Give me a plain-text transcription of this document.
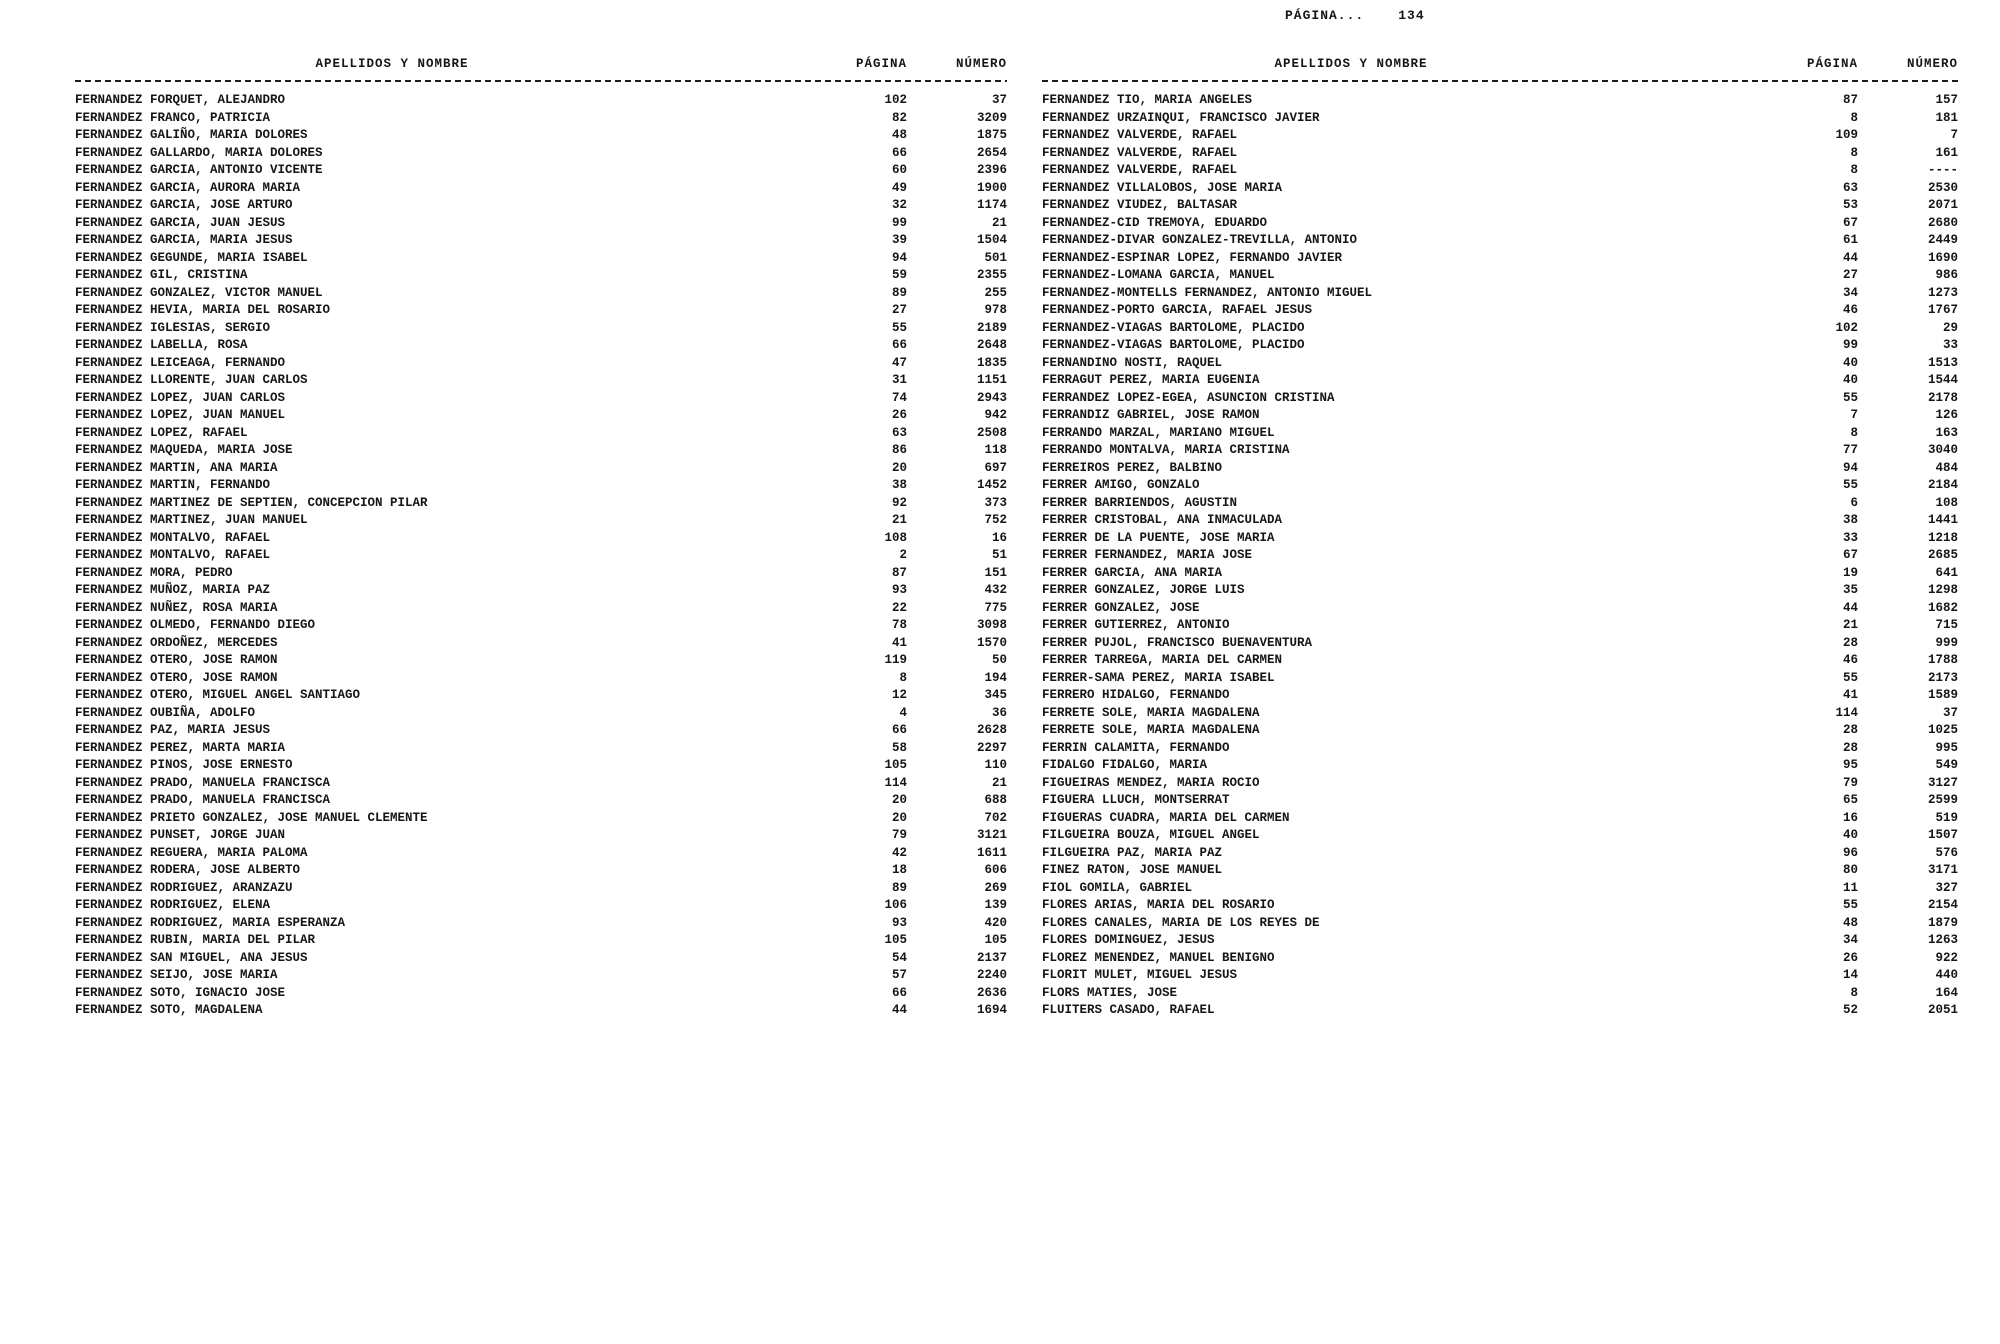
PÁGINA...	134
APELLIDOS Y NOMBRE	PÁGINA	NÚMERO
FERNANDEZ FORQUET, ALEJANDRO	102	37
FERNANDEZ FRANCO, PATRICIA	82	3209
FERNANDEZ GALIÑO, MARIA DOLORES	48	1875
FERNANDEZ GALLARDO, MARIA DOLORES	66	2654
FERNANDEZ GARCIA, ANTONIO VICENTE	60	2396
FERNANDEZ GARCIA, AURORA MARIA	49	1900
FERNANDEZ GARCIA, JOSE ARTURO	32	1174
FERNANDEZ GARCIA, JUAN JESUS	99	21
FERNANDEZ GARCIA, MARIA JESUS	39	1504
FERNANDEZ GEGUNDE, MARIA ISABEL	94	501
FERNANDEZ GIL, CRISTINA	59	2355
FERNANDEZ GONZALEZ, VICTOR MANUEL	89	255
FERNANDEZ HEVIA, MARIA DEL ROSARIO	27	978
FERNANDEZ IGLESIAS, SERGIO	55	2189
FERNANDEZ LABELLA, ROSA	66	2648
FERNANDEZ LEICEAGA, FERNANDO	47	1835
FERNANDEZ LLORENTE, JUAN CARLOS	31	1151
FERNANDEZ LOPEZ, JUAN CARLOS	74	2943
FERNANDEZ LOPEZ, JUAN MANUEL	26	942
FERNANDEZ LOPEZ, RAFAEL	63	2508
FERNANDEZ MAQUEDA, MARIA JOSE	86	118
FERNANDEZ MARTIN, ANA MARIA	20	697
FERNANDEZ MARTIN, FERNANDO	38	1452
FERNANDEZ MARTINEZ DE SEPTIEN, CONCEPCION PILAR	92	373
FERNANDEZ MARTINEZ, JUAN MANUEL	21	752
FERNANDEZ MONTALVO, RAFAEL	108	16
FERNANDEZ MONTALVO, RAFAEL	2	51
FERNANDEZ MORA, PEDRO	87	151
FERNANDEZ MUÑOZ, MARIA PAZ	93	432
FERNANDEZ NUÑEZ, ROSA MARIA	22	775
FERNANDEZ OLMEDO, FERNANDO DIEGO	78	3098
FERNANDEZ ORDOÑEZ, MERCEDES	41	1570
FERNANDEZ OTERO, JOSE RAMON	119	50
FERNANDEZ OTERO, JOSE RAMON	8	194
FERNANDEZ OTERO, MIGUEL ANGEL SANTIAGO	12	345
FERNANDEZ OUBIÑA, ADOLFO	4	36
FERNANDEZ PAZ, MARIA JESUS	66	2628
FERNANDEZ PEREZ, MARTA MARIA	58	2297
FERNANDEZ PINOS, JOSE ERNESTO	105	110
FERNANDEZ PRADO, MANUELA FRANCISCA	114	21
FERNANDEZ PRADO, MANUELA FRANCISCA	20	688
FERNANDEZ PRIETO GONZALEZ, JOSE MANUEL CLEMENTE	20	702
FERNANDEZ PUNSET, JORGE JUAN	79	3121
FERNANDEZ REGUERA, MARIA PALOMA	42	1611
FERNANDEZ RODERA, JOSE ALBERTO	18	606
FERNANDEZ RODRIGUEZ, ARANZAZU	89	269
FERNANDEZ RODRIGUEZ, ELENA	106	139
FERNANDEZ RODRIGUEZ, MARIA ESPERANZA	93	420
FERNANDEZ RUBIN, MARIA DEL PILAR	105	105
FERNANDEZ SAN MIGUEL, ANA JESUS	54	2137
FERNANDEZ SEIJO, JOSE MARIA	57	2240
FERNANDEZ SOTO, IGNACIO JOSE	66	2636
FERNANDEZ SOTO, MAGDALENA	44	1694
APELLIDOS Y NOMBRE	PÁGINA	NÚMERO
FERNANDEZ TIO, MARIA ANGELES	87	157
FERNANDEZ URZAINQUI, FRANCISCO JAVIER	8	181
FERNANDEZ VALVERDE, RAFAEL	109	7
FERNANDEZ VALVERDE, RAFAEL	8	161
FERNANDEZ VALVERDE, RAFAEL	8	----
FERNANDEZ VILLALOBOS, JOSE MARIA	63	2530
FERNANDEZ VIUDEZ, BALTASAR	53	2071
FERNANDEZ-CID TREMOYA, EDUARDO	67	2680
FERNANDEZ-DIVAR GONZALEZ-TREVILLA, ANTONIO	61	2449
FERNANDEZ-ESPINAR LOPEZ, FERNANDO JAVIER	44	1690
FERNANDEZ-LOMANA GARCIA, MANUEL	27	986
FERNANDEZ-MONTELLS FERNANDEZ, ANTONIO MIGUEL	34	1273
FERNANDEZ-PORTO GARCIA, RAFAEL JESUS	46	1767
FERNANDEZ-VIAGAS BARTOLOME, PLACIDO	102	29
FERNANDEZ-VIAGAS BARTOLOME, PLACIDO	99	33
FERNANDINO NOSTI, RAQUEL	40	1513
FERRAGUT PEREZ, MARIA EUGENIA	40	1544
FERRANDEZ LOPEZ-EGEA, ASUNCION CRISTINA	55	2178
FERRANDIZ GABRIEL, JOSE RAMON	7	126
FERRANDO MARZAL, MARIANO MIGUEL	8	163
FERRANDO MONTALVA, MARIA CRISTINA	77	3040
FERREIROS PEREZ, BALBINO	94	484
FERRER AMIGO, GONZALO	55	2184
FERRER BARRIENDOS, AGUSTIN	6	108
FERRER CRISTOBAL, ANA INMACULADA	38	1441
FERRER DE LA PUENTE, JOSE MARIA	33	1218
FERRER FERNANDEZ, MARIA JOSE	67	2685
FERRER GARCIA, ANA MARIA	19	641
FERRER GONZALEZ, JORGE LUIS	35	1298
FERRER GONZALEZ, JOSE	44	1682
FERRER GUTIERREZ, ANTONIO	21	715
FERRER PUJOL, FRANCISCO BUENAVENTURA	28	999
FERRER TARREGA, MARIA DEL CARMEN	46	1788
FERRER-SAMA PEREZ, MARIA ISABEL	55	2173
FERRERO HIDALGO, FERNANDO	41	1589
FERRETE SOLE, MARIA MAGDALENA	114	37
FERRETE SOLE, MARIA MAGDALENA	28	1025
FERRIN CALAMITA, FERNANDO	28	995
FIDALGO FIDALGO, MARIA	95	549
FIGUEIRAS MENDEZ, MARIA ROCIO	79	3127
FIGUERA LLUCH, MONTSERRAT	65	2599
FIGUERAS CUADRA, MARIA DEL CARMEN	16	519
FILGUEIRA BOUZA, MIGUEL ANGEL	40	1507
FILGUEIRA PAZ, MARIA PAZ	96	576
FINEZ RATON, JOSE MANUEL	80	3171
FIOL GOMILA, GABRIEL	11	327
FLORES ARIAS, MARIA DEL ROSARIO	55	2154
FLORES CANALES, MARIA DE LOS REYES DE	48	1879
FLORES DOMINGUEZ, JESUS	34	1263
FLOREZ MENENDEZ, MANUEL BENIGNO	26	922
FLORIT MULET, MIGUEL JESUS	14	440
FLORS MATIES, JOSE	8	164
FLUITERS CASADO, RAFAEL	52	2051
